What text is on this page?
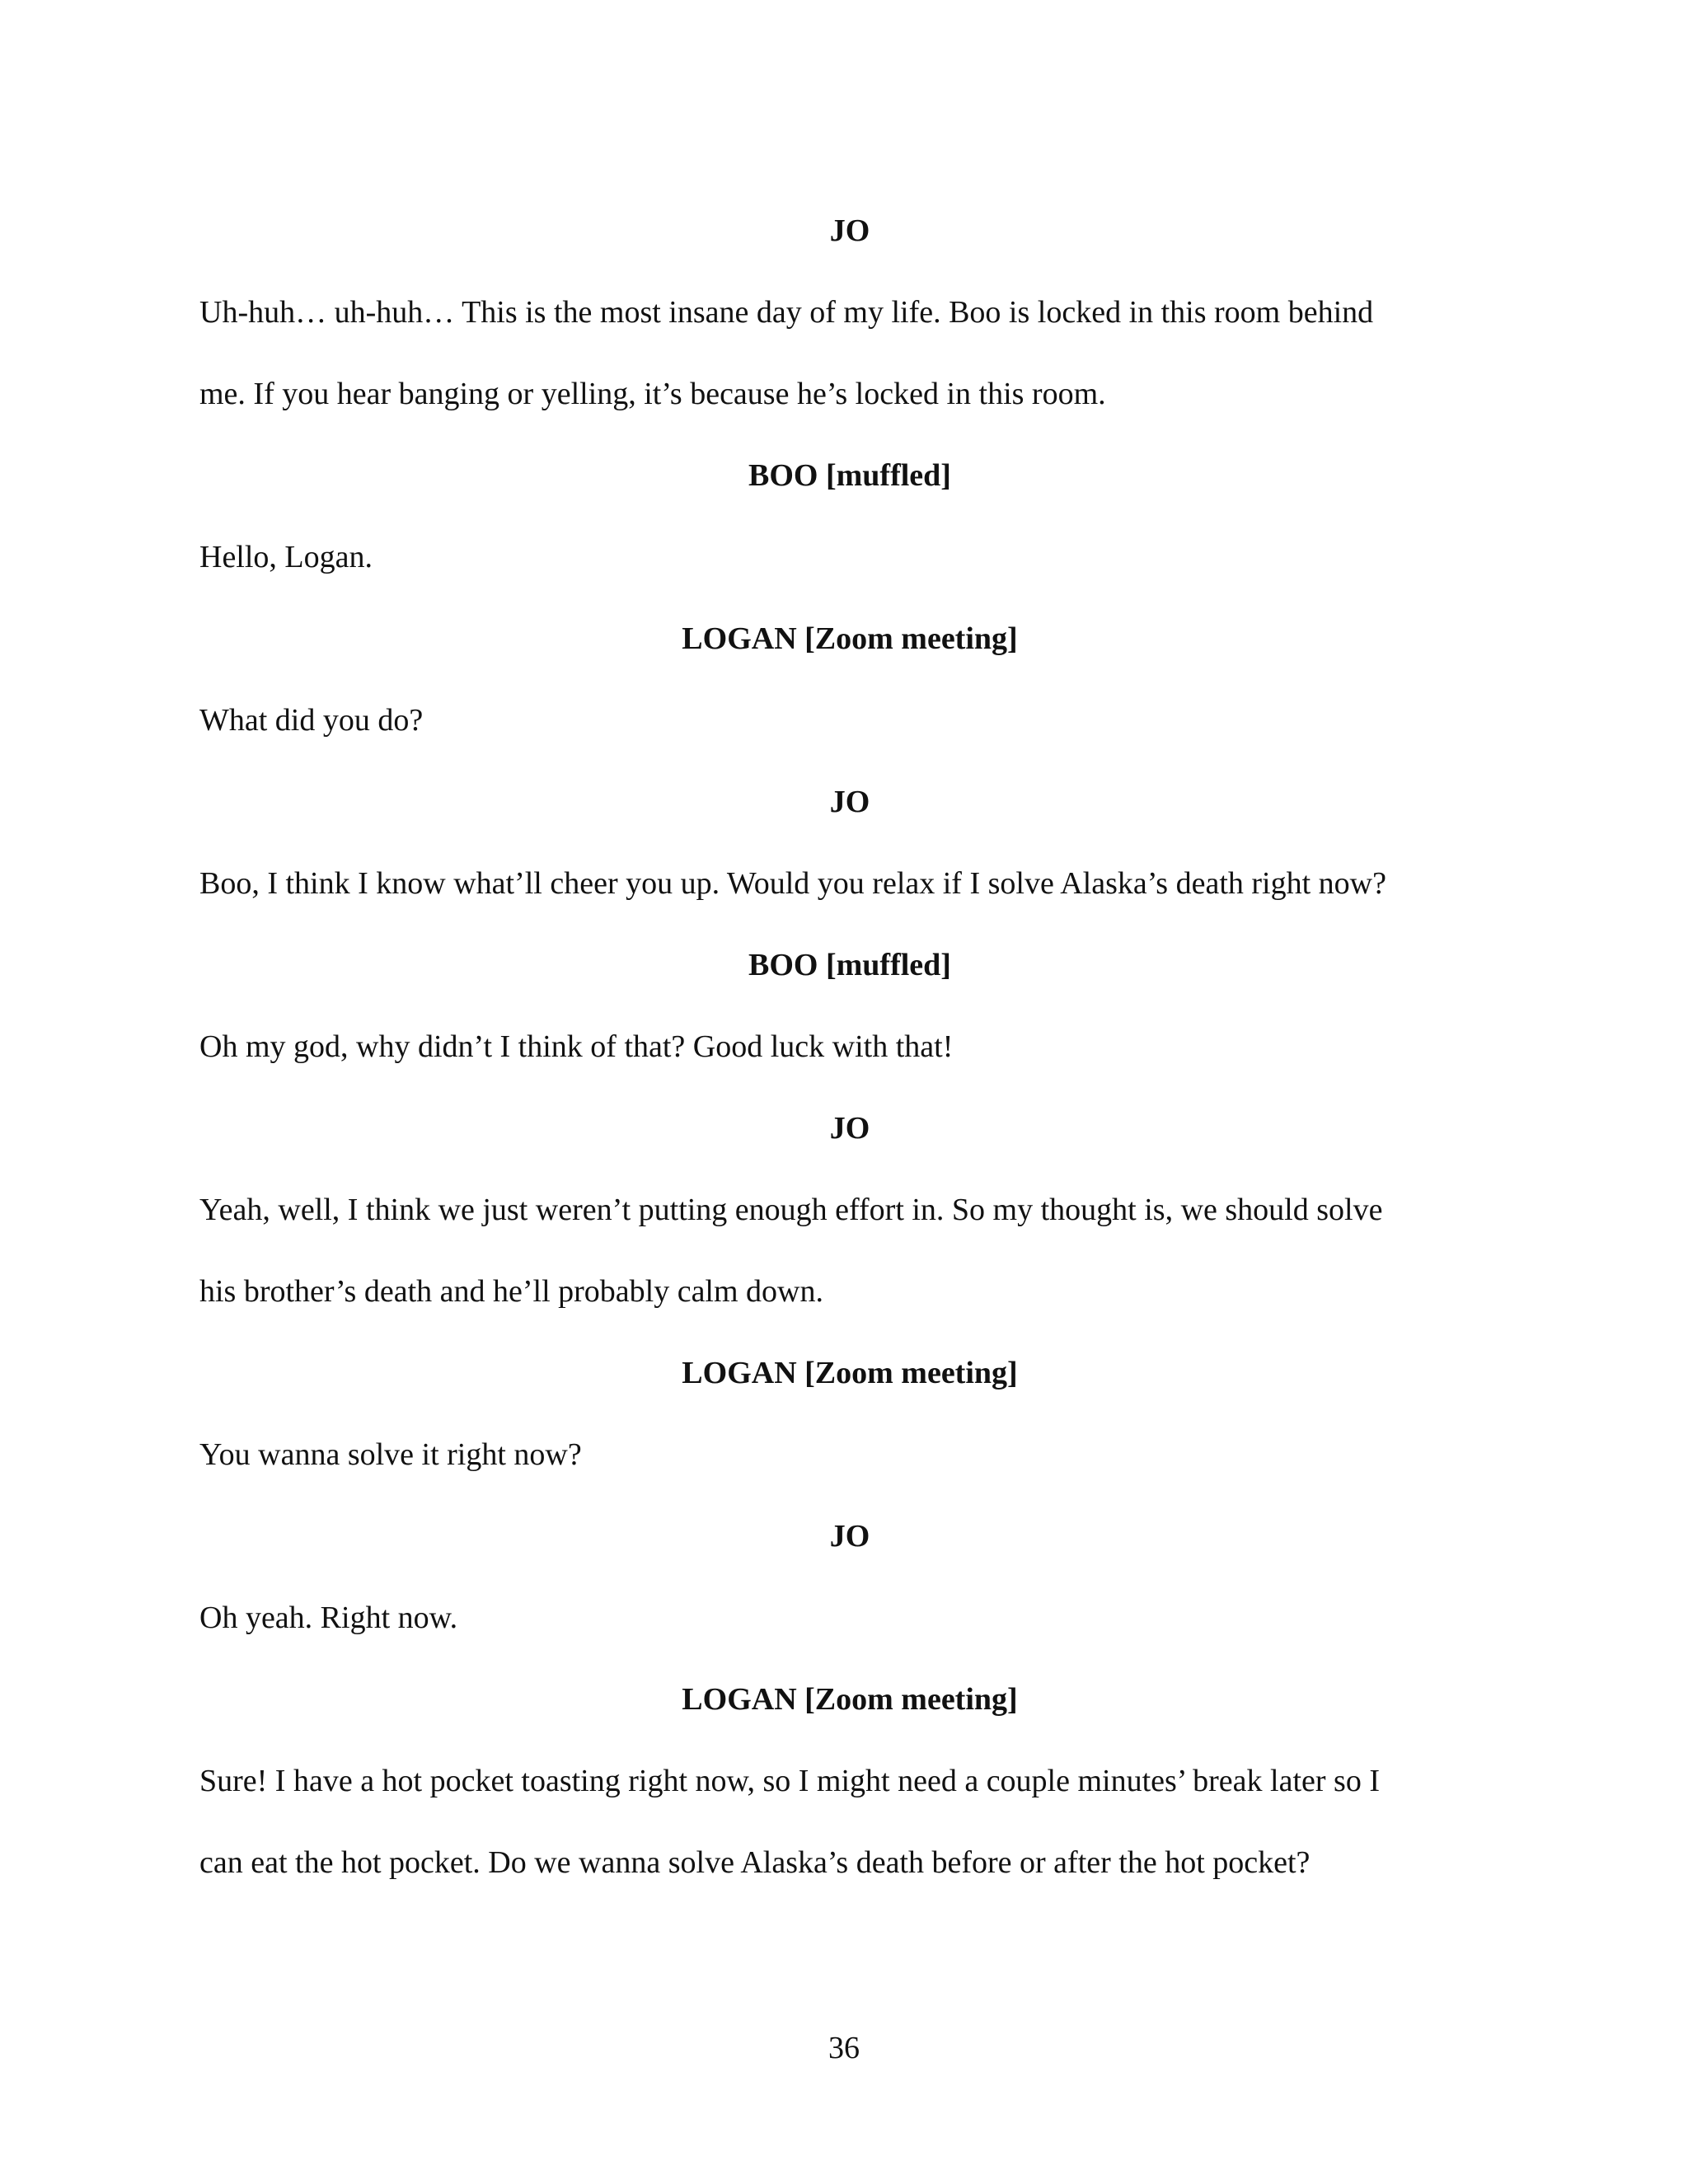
JO
Uh-huh… uh-huh… This is the most insane day of my life. Boo is locked in this room behind
me. If you hear banging or yelling, it’s because he’s locked in this room.
BOO [muffled]
Hello, Logan.
LOGAN [Zoom meeting]
What did you do?
JO
Boo, I think I know what’ll cheer you up. Would you relax if I solve Alaska’s death right now?
BOO [muffled]
Oh my god, why didn’t I think of that? Good luck with that!
JO
Yeah, well, I think we just weren’t putting enough effort in. So my thought is, we should solve
his brother’s death and he’ll probably calm down.
LOGAN [Zoom meeting]
You wanna solve it right now?
JO
Oh yeah. Right now.
LOGAN [Zoom meeting]
Sure! I have a hot pocket toasting right now, so I might need a couple minutes’ break later so I
can eat the hot pocket. Do we wanna solve Alaska’s death before or after the hot pocket?
36
